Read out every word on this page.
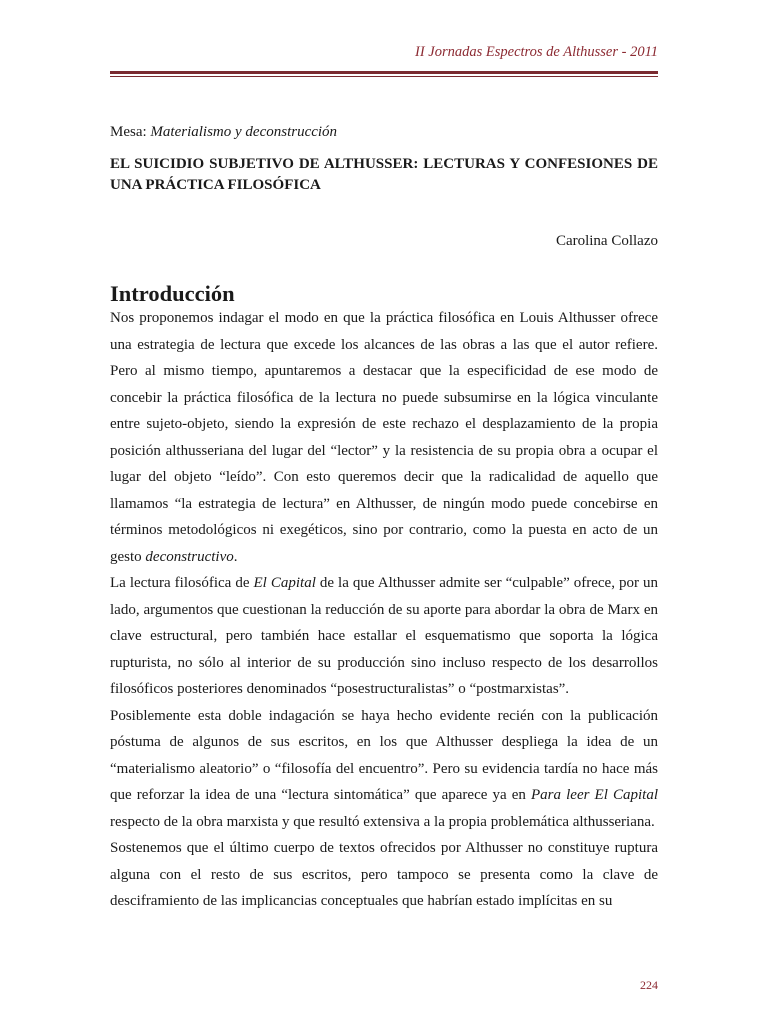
II Jornadas Espectros de Althusser - 2011

Mesa: Materialismo y deconstrucción

EL SUICIDIO SUBJETIVO DE ALTHUSSER: LECTURAS Y CONFESIONES DE UNA PRÁCTICA FILOSÓFICA

Carolina Collazo

Introducción

Nos proponemos indagar el modo en que la práctica filosófica en Louis Althusser ofrece una estrategia de lectura que excede los alcances de las obras a las que el autor refiere. Pero al mismo tiempo, apuntaremos a destacar que la especificidad de ese modo de concebir la práctica filosófica de la lectura no puede subsumirse en la lógica vinculante entre sujeto-objeto, siendo la expresión de este rechazo el desplazamiento de la propia posición althusseriana del lugar del “lector” y la resistencia de su propia obra a ocupar el lugar del objeto “leído”. Con esto queremos decir que la radicalidad de aquello que llamamos “la estrategia de lectura” en Althusser, de ningún modo puede concebirse en términos metodológicos ni exegéticos, sino por contrario, como la puesta en acto de un gesto deconstructivo.

La lectura filosófica de El Capital de la que Althusser admite ser “culpable” ofrece, por un lado, argumentos que cuestionan la reducción de su aporte para abordar la obra de Marx en clave estructural, pero también hace estallar el esquematismo que soporta la lógica rupturista, no sólo al interior de su producción sino incluso respecto de los desarrollos filosóficos posteriores denominados “posestructuralistas” o “postmarxistas”.

Posiblemente esta doble indagación se haya hecho evidente recién con la publicación póstuma de algunos de sus escritos, en los que Althusser despliega la idea de un “materialismo aleatorio” o “filosofía del encuentro”. Pero su evidencia tardía no hace más que reforzar la idea de una “lectura sintomática” que aparece ya en Para leer El Capital respecto de la obra marxista y que resultó extensiva a la propia problemática althusseriana.

Sostenemos que el último cuerpo de textos ofrecidos por Althusser no constituye ruptura alguna con el resto de sus escritos, pero tampoco se presenta como la clave de desciframiento de las implicancias conceptuales que habrían estado implícitas en su

224
